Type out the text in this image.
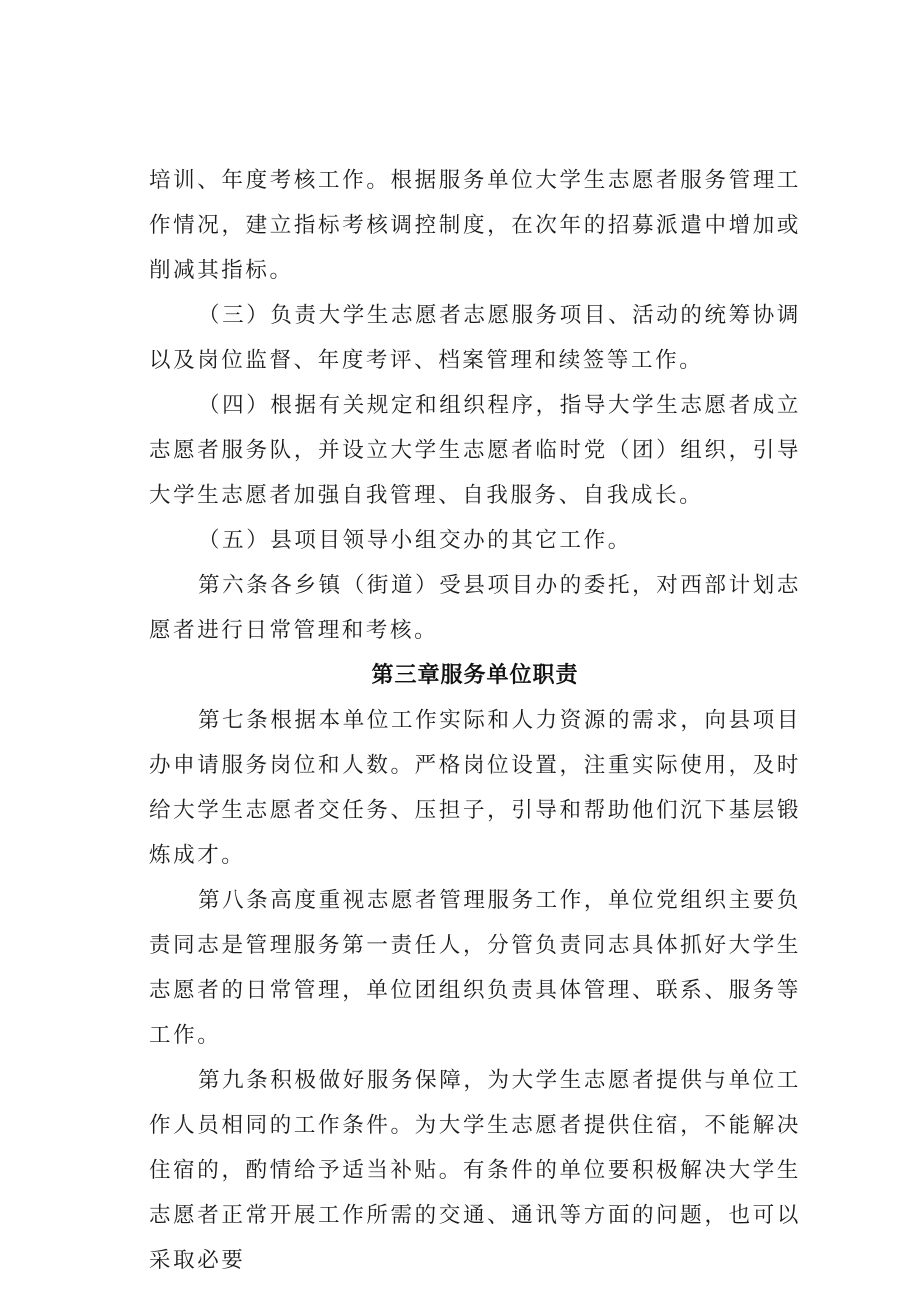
培训、年度考核工作。根据服务单位大学生志愿者服务管理工作情况，建立指标考核调控制度，在次年的招募派遣中增加或削减其指标。

（三）负责大学生志愿者志愿服务项目、活动的统筹协调以及岗位监督、年度考评、档案管理和续签等工作。

（四）根据有关规定和组织程序，指导大学生志愿者成立志愿者服务队，并设立大学生志愿者临时党（团）组织，引导大学生志愿者加强自我管理、自我服务、自我成长。

（五）县项目领导小组交办的其它工作。

第六条各乡镇（街道）受县项目办的委托，对西部计划志愿者进行日常管理和考核。

第三章服务单位职责

第七条根据本单位工作实际和人力资源的需求，向县项目办申请服务岗位和人数。严格岗位设置，注重实际使用，及时给大学生志愿者交任务、压担子，引导和帮助他们沉下基层锻炼成才。

第八条高度重视志愿者管理服务工作，单位党组织主要负责同志是管理服务第一责任人，分管负责同志具体抓好大学生志愿者的日常管理，单位团组织负责具体管理、联系、服务等工作。

第九条积极做好服务保障，为大学生志愿者提供与单位工作人员相同的工作条件。为大学生志愿者提供住宿，不能解决住宿的，酌情给予适当补贴。有条件的单位要积极解决大学生志愿者正常开展工作所需的交通、通讯等方面的问题，也可以采取必要
